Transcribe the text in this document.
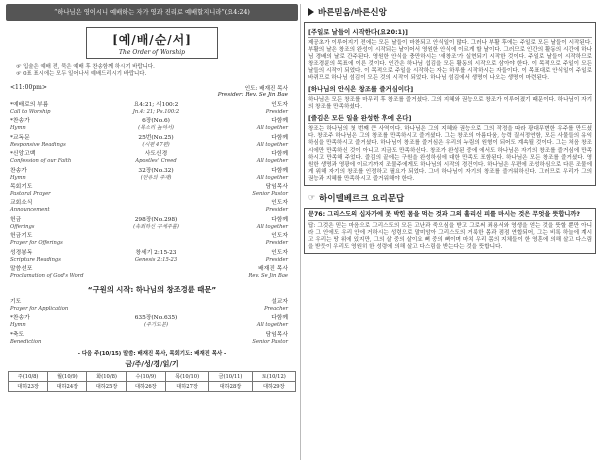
“하나님은 영이시니 예배하는 자가 영과 진리로 예배할지니라”(요4:24)
[예/배/순/서]
The Order of Worship
☞ 입술은 예배 전, 묵은 예배 후 찬송함께 하시기 바랍니다.
☞ 0표 표시에는 모두 일어나서 예배드리시기 바랍니다.
<11:00pm>	인도: 배재진 목사
Presider: Rev. Se Jin Bae
*예배로의 부름	요4:21; 시100:2	인도자
Call to Worship	Jn.4: 21; Ps.100:2	Presider
*찬송가	6장(No.6)	다함께
Hymn	(목소리 높여서)	All together
*교독문	25번(No.25)	다함께
Responsive Readings	(시편 47편)	All together
*신앙고백	사도신경	다함께
Confession of our Faith	Apostles' Creed	All together
찬송가	32장(No.32)	다함께
Hymn	(만유의 주재)	All together
목회기도	담임목사
Pastoral Prayer	Senior Pastor
교회소식	인도자
Announcement	Presider
헌금	298장(No.298)	다함께
Offerings	(속죄하신 구세주를)	All together
헌금기도	인도자
Prayer for Offerings	Presider
성경봉독	창세기 2:15-23	인도자
Scripture Readings	Genesis 2:15-23	Presider
말씀선포	배재진 목사
Proclamation of God's Word	Rev. Se Jin Bae
“구원의 시작: 하나님의 창조경륜 때문”
기도	설교자
Prayer for Application	Preacher
*찬송가	635장(No.635)	다함께
Hymn	(주기도문)	All together
*축도	담임목사
Benediction	Senior Pastor
- 다음 주(10/15) 말씀: 배재진 목사, 목회기도: 배재진 목사 -
금/주/성/경/읽/기
주(10/8)	월(10/9)	화(10/8)	수(10/9)	목(10/10)	금(10/11)	토(10/12)
대하23장	대하24장	대하25장	대하26장	대하27장	대하28장	대하29장
바른믿음/바른신앙
[주일로 날들이 시작한다(요20:1)]
제공초가 이루어지기 전에는 모든 날들이 마찬되고 안식일이 많다. 그러나 부활 후에는 주일로 모든 날들이 시작된다. 부활의 날은 창조의 완성이 시작되는 날이어서 영원한 안식에 이르게 할 날이다. 그러므로 인간의 활동의 시간에 하나님 경배의 날로 간주된다. 영원한 안식을 충만하시는 '새창조'가 실현되기 시작한 것이다. 주일로 날들이 시작하므로 창조경륜의 목표에 이른 것이다. 인간은 하나님 섭김을 모든 활동의 시작으로 삼아야 한다. 이 목적으로 주일이 모든 날들의 시작이 되었다. 이 목적으로 주일을 시작하는 자는 하루를 시작하시는 자들이다. 이 목표대로 안식일이 주일로 바뀌므로 하나님 섬김이 모든 것의 시작이 되었다. 하나님 섬김에서 생명이 나오는 생명이 마련된다.
[하나님의 안식은 창조를 즐거심이다]
하나님은 모든 창조를 마무리 후 창조를 즐거셨다. 그의 지혜와 권능으로 창조가 이루어졌기 때문이다. 하나님이 자기의 창조를 만족하셨다.
[즐김은 모든 일을 완성한 후에 온다]
창조는 하나님의 첫 번째 큰 사역이다. 하나님은 그의 지혜와 권능으로 그의 작정을 따라 광대무변한 우주를 만드셨다. 창조주 하나님은 그의 창조를 만족하시고 즐거셨다. 그는 창조의 아름다움, 능력 질서정연함, 모든 사물들의 유익하심을 만족하시고 즐거셨다. 하나님이 창조를 즐거심은 우리의 누림의 원형이 되어도 계속될 것이다. 그는 처음 창조시에만 만족하신 것이 아니고 지금도 만족하신다. 창조가 완성된 중에 에서도 하나님은 자기의 창조를 즐거심에 만족하시고 만족해 주었다. 즐김의 끝에는 구원을 완성하심에 대한 만족도 포함된다. 하나님은 모든 창조를 즐거셨다. 영원한 생명과 영광에 이르기까지 조물주에게도 하나님의 시작의 경건이다. 하나님은 우편에 조성하심으로 다른 조물에 게 위해 자기의 창조를 인정하고 필요가 되었다. 그녀 하나님이 자기의 창조를 즐거워하신다. 그러므로 우리가 그의 권능과 지혜를 만족하시고 즐거워해야 한다.
☞ 하이델베르크 요리문답
문76: 그리스도의 십자가에 못 박힌 몸을 먹는 것과 그의 흘리신 피를 마시는 것은 무엇을 뜻합니까?
답: 그것은 믿는 마음으로 그리스도의 모든 고난과 죽으심을 받고 그로써 죄용서와 영생을 얻는 것을 뜻할 뿐만 아니라 그 안에도 우리 안에 거하시는 성령으로 말미암아 그리스도의 거룩한 몸과 점점 연합되어, 그는 비록 하늘에 계시고 우리는 땅 위에 있지만, 그의 살 중의 살이요 뼈 중의 뼈이며 마치 우리 몸의 지체들이 한 영혼에 의해 살고 다스림을 받듯이 우리도 영원히 한 성령에 의해 살고 다스림을 받는다는 것을 뜻합니다.
